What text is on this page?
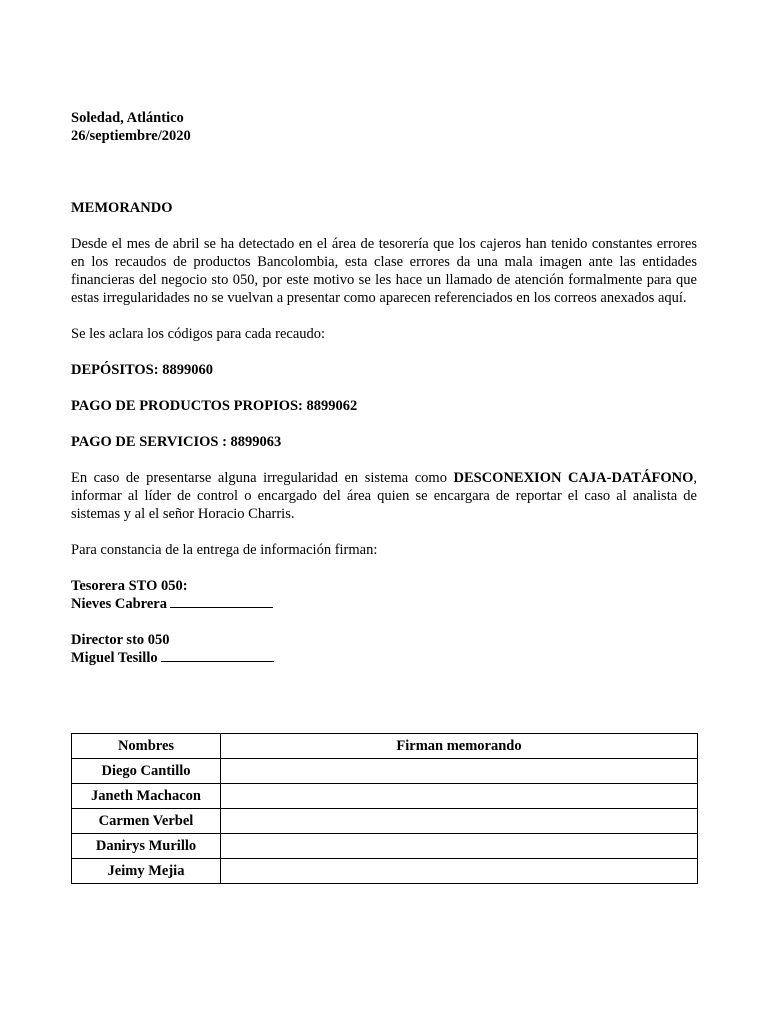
Soledad, Atlántico
26/septiembre/2020

MEMORANDO

Desde el mes de abril se ha detectado en el área de tesorería que los cajeros han tenido constantes errores en los recaudos de productos Bancolombia, esta clase errores da una mala imagen ante las entidades financieras del negocio sto 050, por este motivo se les hace un llamado de atención formalmente para que estas irregularidades no se vuelvan a presentar como aparecen referenciados en los correos anexados aquí.

Se les aclara los códigos para cada recaudo:

DEPÓSITOS: 8899060
PAGO DE PRODUCTOS PROPIOS: 8899062
PAGO DE SERVICIOS : 8899063

En caso de presentarse alguna irregularidad en sistema como DESCONEXION CAJA-DATÁFONO, informar al líder de control o encargado del área quien se encargara de reportar el caso al analista de sistemas y al el señor Horacio Charris.

Para constancia de la entrega de información firman:

Tesorera STO 050:
Nieves Cabrera
Director sto 050
Miguel Tesillo
Nombres	Firman memorando
Diego Cantillo	
Janeth Machacon	
Carmen Verbel	
Danirys Murillo	
Jeimy Mejia	
